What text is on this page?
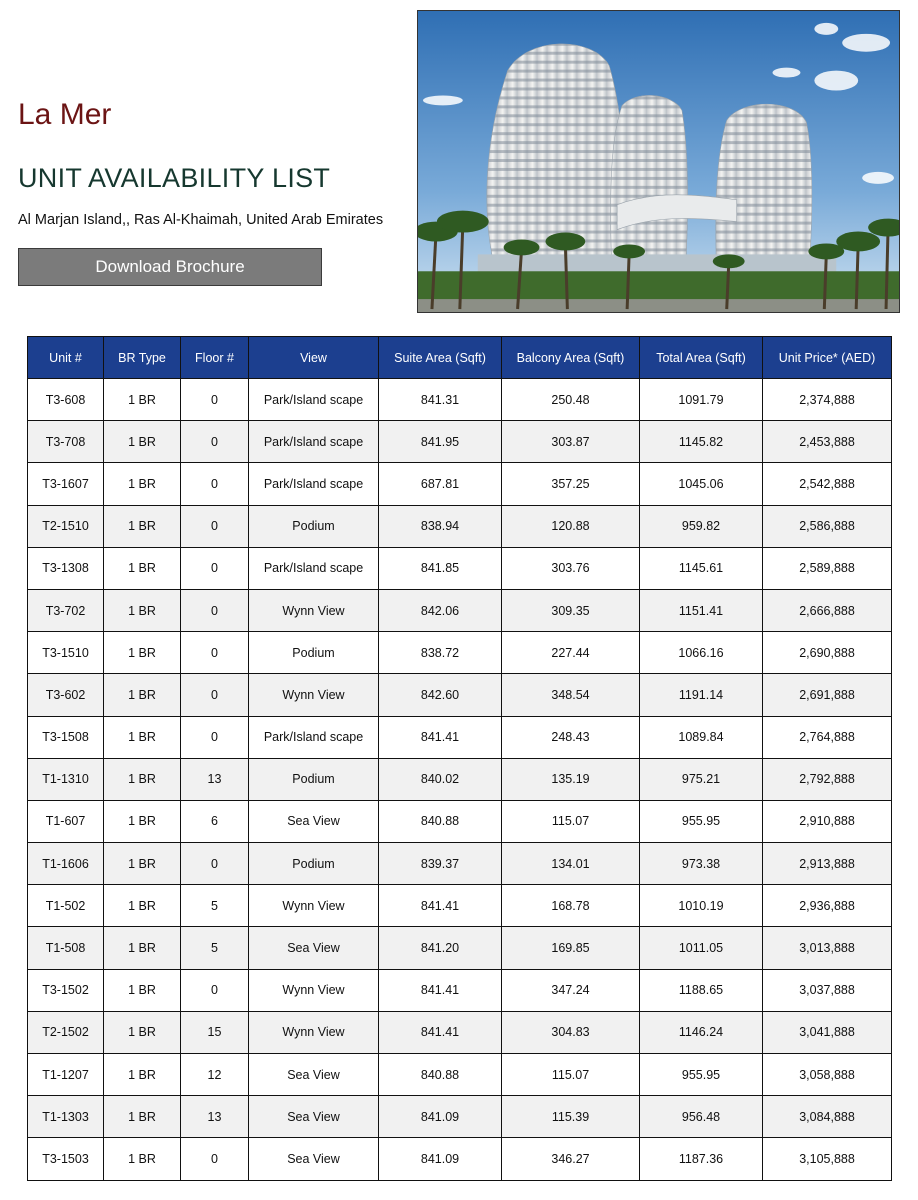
La Mer
UNIT AVAILABILITY LIST

Al Marjan Island,, Ras Al-Khaimah, United Arab Emirates

Download Brochure
Unit #	BR Type	Floor #	View	Suite Area (Sqft)	Balcony Area (Sqft)	Total Area (Sqft)	Unit Price* (AED)
T3-608	1 BR	0	Park/Island scape	841.31	250.48	1091.79	2,374,888
T3-708	1 BR	0	Park/Island scape	841.95	303.87	1145.82	2,453,888
T3-1607	1 BR	0	Park/Island scape	687.81	357.25	1045.06	2,542,888
T2-1510	1 BR	0	Podium	838.94	120.88	959.82	2,586,888
T3-1308	1 BR	0	Park/Island scape	841.85	303.76	1145.61	2,589,888
T3-702	1 BR	0	Wynn View	842.06	309.35	1151.41	2,666,888
T3-1510	1 BR	0	Podium	838.72	227.44	1066.16	2,690,888
T3-602	1 BR	0	Wynn View	842.60	348.54	1191.14	2,691,888
T3-1508	1 BR	0	Park/Island scape	841.41	248.43	1089.84	2,764,888
T1-1310	1 BR	13	Podium	840.02	135.19	975.21	2,792,888
T1-607	1 BR	6	Sea View	840.88	115.07	955.95	2,910,888
T1-1606	1 BR	0	Podium	839.37	134.01	973.38	2,913,888
T1-502	1 BR	5	Wynn View	841.41	168.78	1010.19	2,936,888
T1-508	1 BR	5	Sea View	841.20	169.85	1011.05	3,013,888
T3-1502	1 BR	0	Wynn View	841.41	347.24	1188.65	3,037,888
T2-1502	1 BR	15	Wynn View	841.41	304.83	1146.24	3,041,888
T1-1207	1 BR	12	Sea View	840.88	115.07	955.95	3,058,888
T1-1303	1 BR	13	Sea View	841.09	115.39	956.48	3,084,888
T3-1503	1 BR	0	Sea View	841.09	346.27	1187.36	3,105,888
